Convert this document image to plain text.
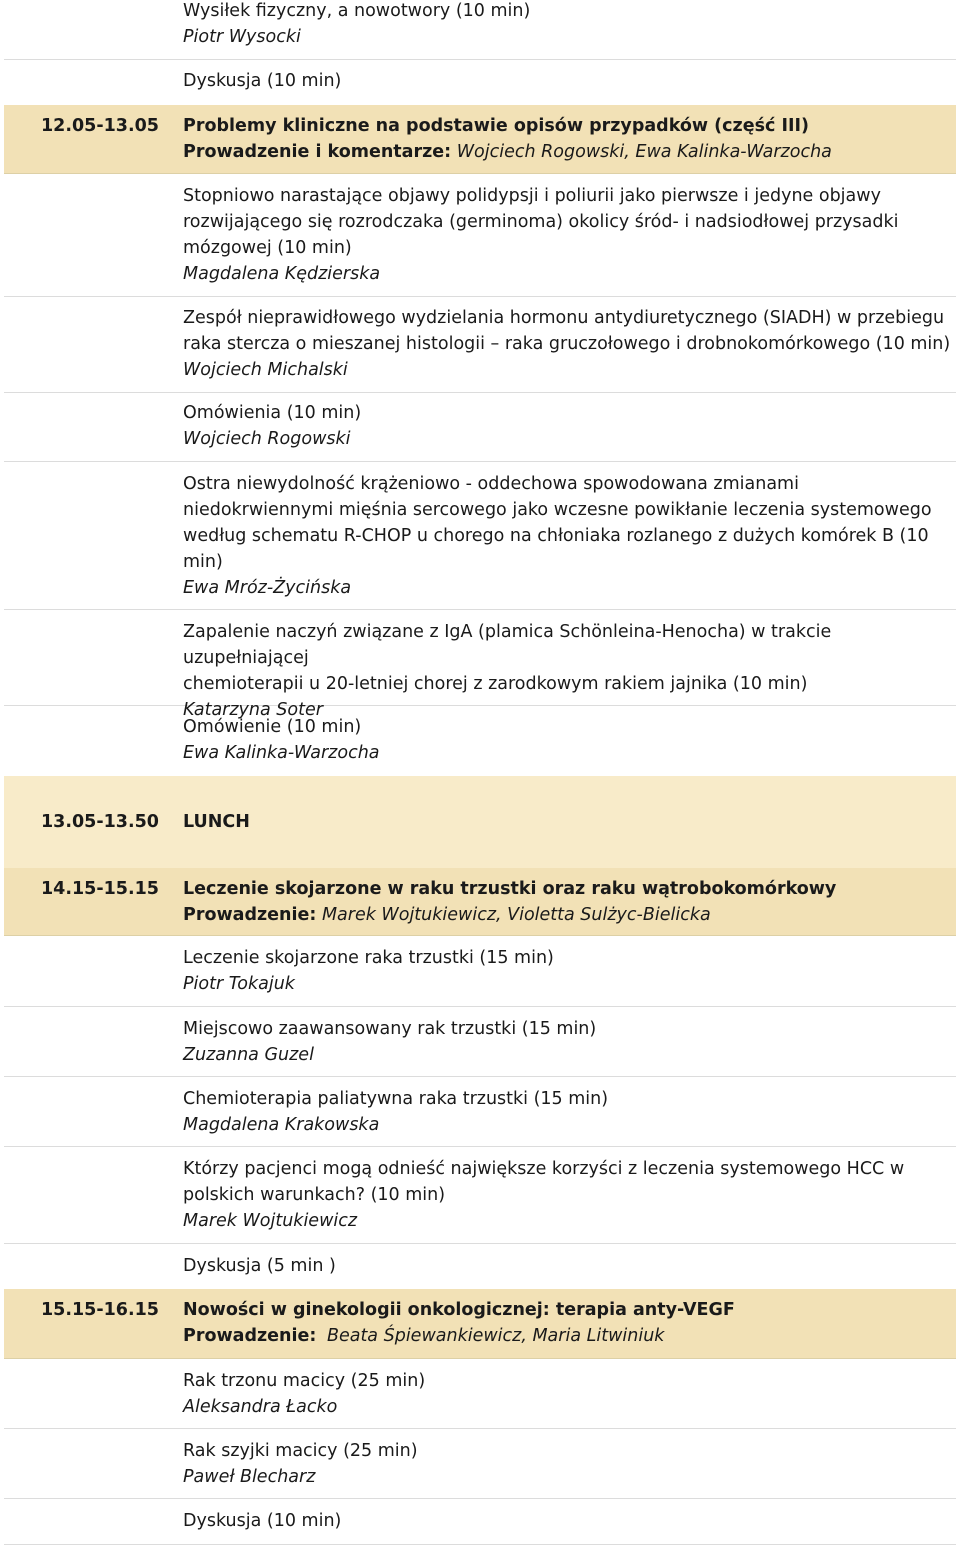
Wysiłek fizyczny, a nowotwory (10 min)
Piotr Wysocki
Dyskusja (10 min)
12.05-13.05 Problemy kliniczne na podstawie opisów przypadków (część III)
Prowadzenie i komentarze: Wojciech Rogowski, Ewa Kalinka-Warzocha
Stopniowo narastające objawy polidypsji i poliurii jako pierwsze i jedyne objawy
rozwijającego się rozrodczaka (germinoma) okolicy śród- i nadsiodłowej przysadki
mózgowej (10 min)
Magdalena Kędzierska
Zespół nieprawidłowego wydzielania hormonu antydiuretycznego (SIADH) w przebiegu
raka stercza o mieszanej histologii – raka gruczołowego i drobnokomórkowego (10 min)
Wojciech Michalski
Omówienia (10 min)
Wojciech Rogowski
Ostra niewydolność krążeniowo - oddechowa spowodowana zmianami
niedokrwiennymi mięśnia sercowego jako wczesne powikłanie leczenia systemowego
według schematu R-CHOP u chorego na chłoniaka rozlanego z dużych komórek B (10
min)
Ewa Mróz-Życińska
Zapalenie naczyń związane z IgA (plamica Schönleina-Henocha) w trakcie uzupełniającej
chemioterapii u 20-letniej chorej z zarodkowym rakiem jajnika (10 min)
Katarzyna Soter
Omówienie (10 min)
Ewa Kalinka-Warzocha
13.05-13.50 LUNCH
14.15-15.15 Leczenie skojarzone w raku trzustki oraz raku wątrobokomórkowy
Prowadzenie: Marek Wojtukiewicz, Violetta Sulżyc-Bielicka
Leczenie skojarzone raka trzustki (15 min)
Piotr Tokajuk
Miejscowo zaawansowany rak trzustki (15 min)
Zuzanna Guzel
Chemioterapia paliatywna raka trzustki (15 min)
Magdalena Krakowska
Którzy pacjenci mogą odnieść największe korzyści z leczenia systemowego HCC w
polskich warunkach? (10 min)
Marek Wojtukiewicz
Dyskusja (5 min )
15.15-16.15 Nowości w ginekologii onkologicznej: terapia anty-VEGF
Prowadzenie: Beata Śpiewankiewicz, Maria Litwiniuk
Rak trzonu macicy (25 min)
Aleksandra Łacko
Rak szyjki macicy (25 min)
Paweł Blecharz
Dyskusja (10 min)
